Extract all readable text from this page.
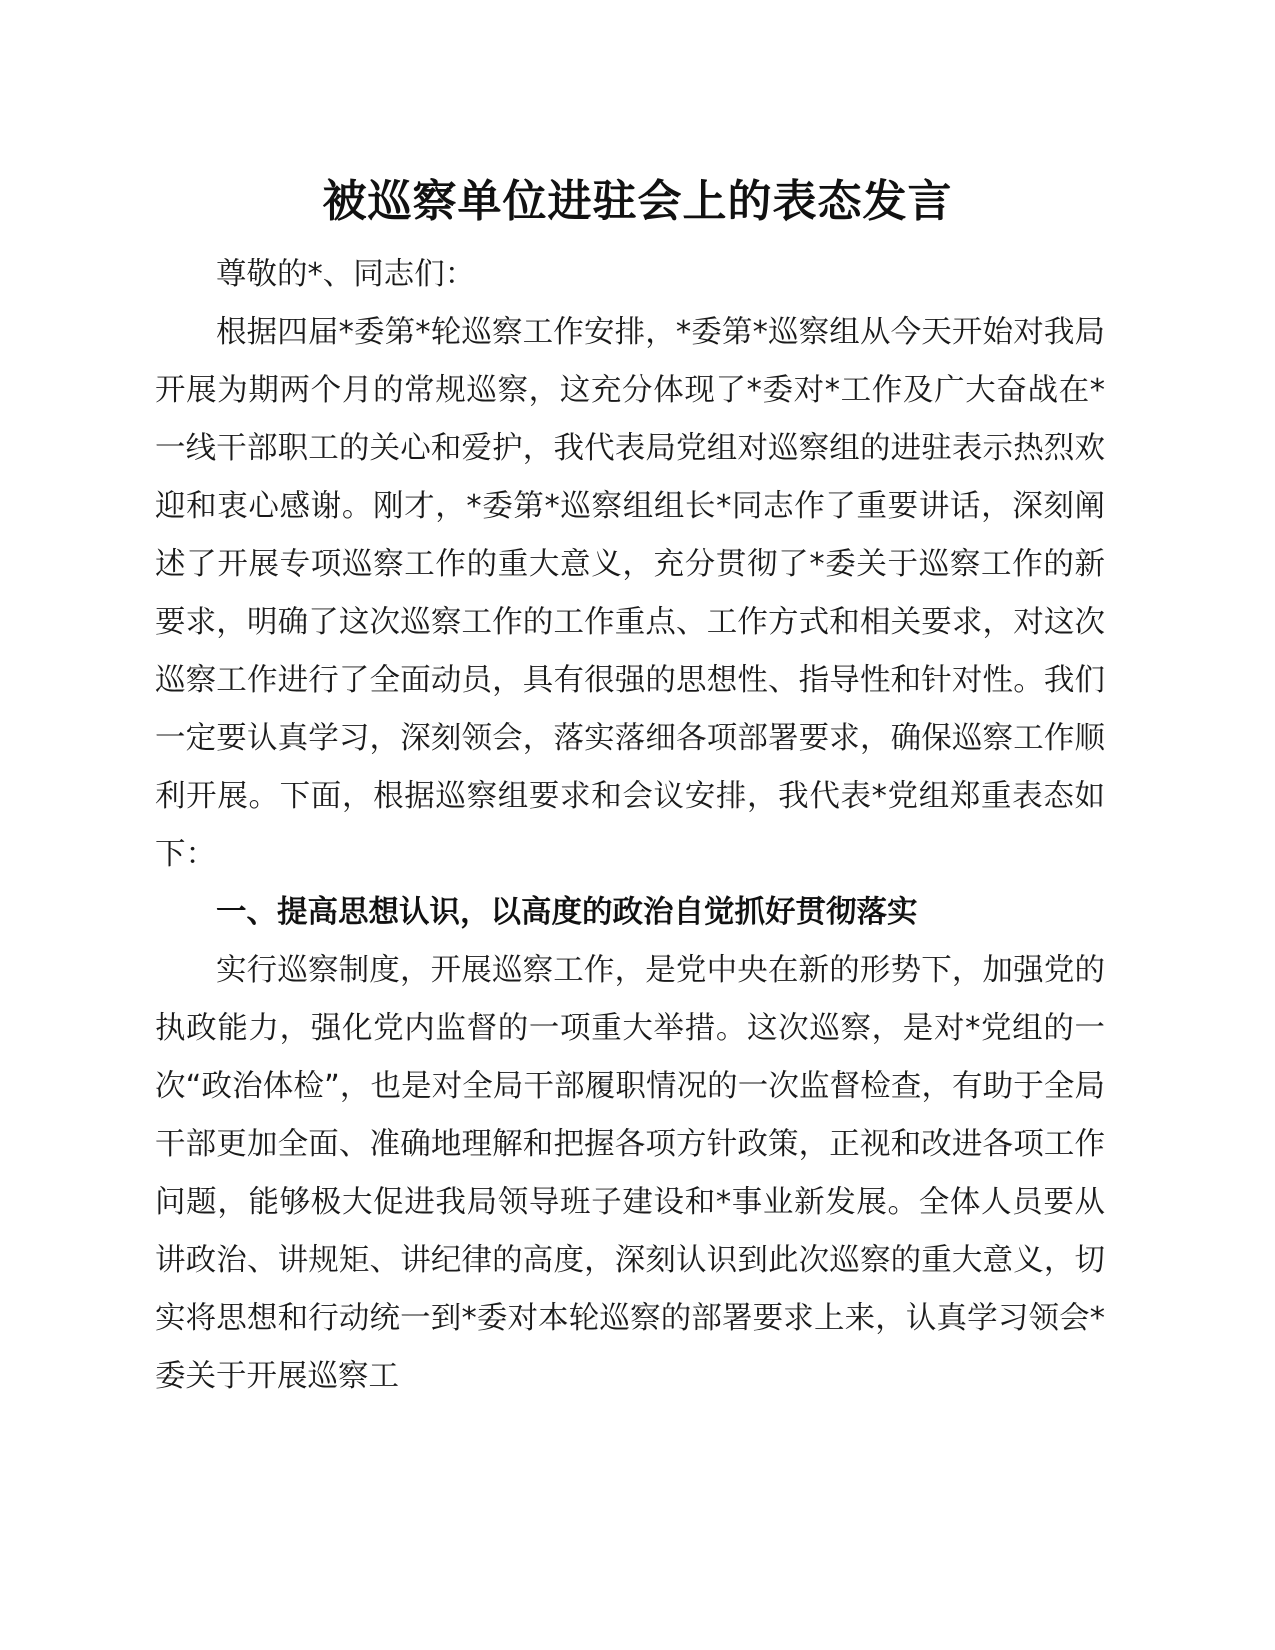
被巡察单位进驻会上的表态发言

尊敬的*、同志们：

根据四届*委第*轮巡察工作安排，*委第*巡察组从今天开始对我局开展为期两个月的常规巡察，这充分体现了*委对*工作及广大奋战在*一线干部职工的关心和爱护，我代表局党组对巡察组的进驻表示热烈欢迎和衷心感谢。刚才，*委第*巡察组组长*同志作了重要讲话，深刻阐述了开展专项巡察工作的重大意义，充分贯彻了*委关于巡察工作的新要求，明确了这次巡察工作的工作重点、工作方式和相关要求，对这次巡察工作进行了全面动员，具有很强的思想性、指导性和针对性。我们一定要认真学习，深刻领会，落实落细各项部署要求，确保巡察工作顺利开展。下面，根据巡察组要求和会议安排，我代表*党组郑重表态如下：

一、提高思想认识，以高度的政治自觉抓好贯彻落实

实行巡察制度，开展巡察工作，是党中央在新的形势下，加强党的执政能力，强化党内监督的一项重大举措。这次巡察，是对*党组的一次“政治体检”，也是对全局干部履职情况的一次监督检查，有助于全局干部更加全面、准确地理解和把握各项方针政策，正视和改进各项工作问题，能够极大促进我局领导班子建设和*事业新发展。全体人员要从讲政治、讲规矩、讲纪律的高度，深刻认识到此次巡察的重大意义，切实将思想和行动统一到*委对本轮巡察的部署要求上来，认真学习领会*委关于开展巡察工
